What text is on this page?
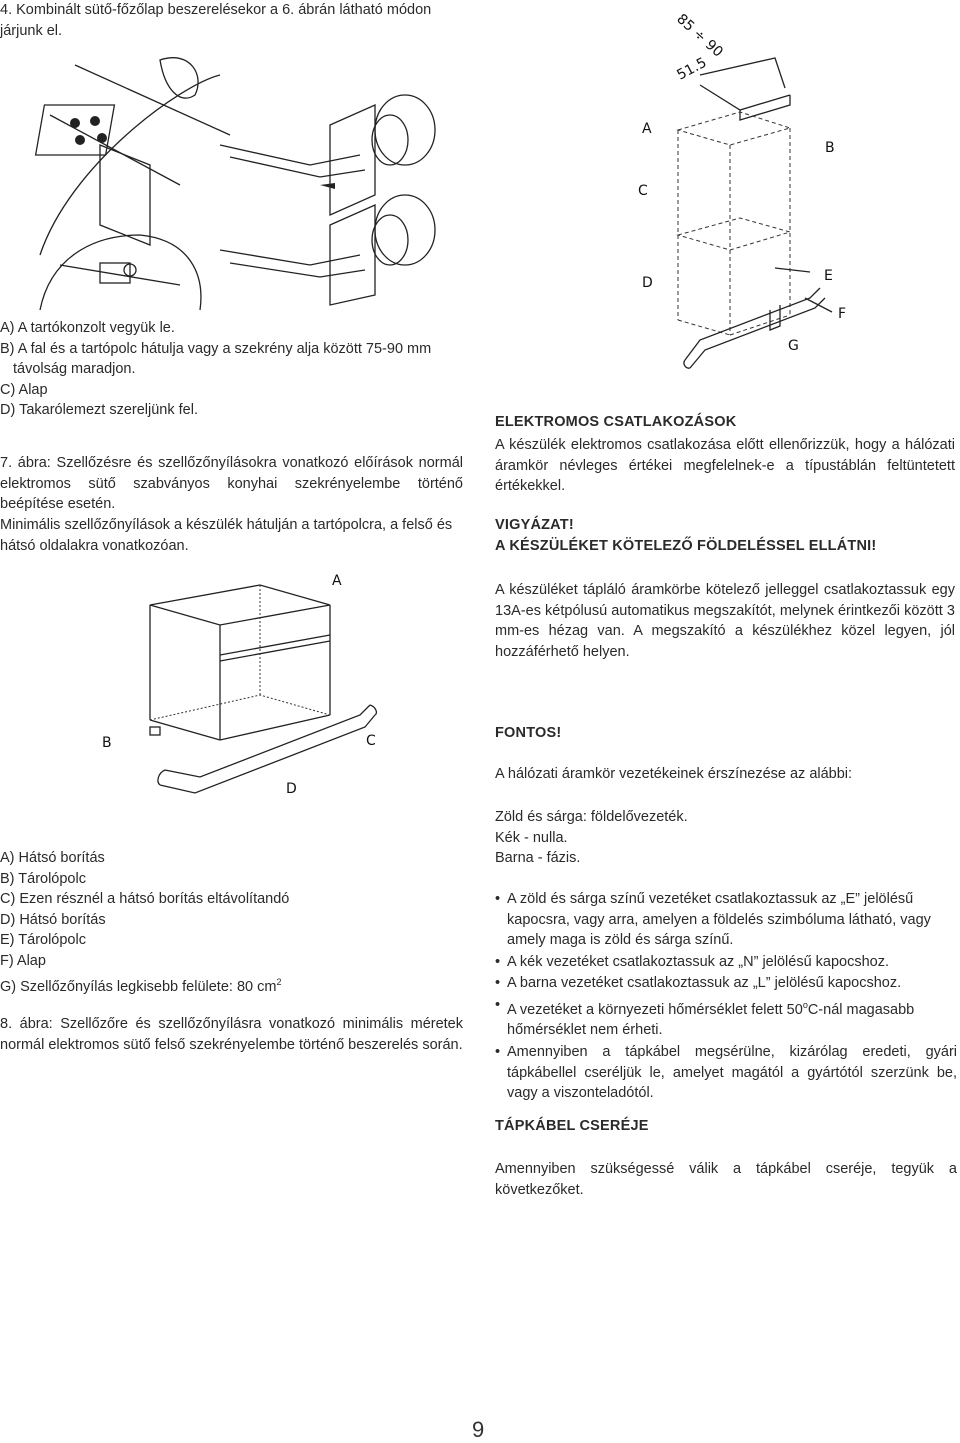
4. Kombinált sütő-főzőlap beszerelésekor a 6. ábrán látható módon járjunk el.
A) A tartókonzolt vegyük le.
B) A fal és a tartópolc hátulja vagy a szekrény alja között 75-90 mm távolság maradjon.
C) Alap
D) Takarólemezt szereljünk fel.
7. ábra: Szellőzésre és szellőzőnyílásokra vonatkozó előírások normál elektromos sütő szabványos konyhai szekrényelembe történő beépítése esetén.
Minimális szellőzőnyílások a készülék hátulján a tartópolcra, a felső és hátsó oldalakra vonatkozóan.
A
B	C
D
A) Hátsó borítás
B) Tárolópolc
C) Ezen résznél a hátsó borítás eltávolítandó
D) Hátsó borítás
E) Tárolópolc
F) Alap
G) Szellőzőnyílás legkisebb felülete: 80 $cm^2$
8. ábra: Szellőzőre és szellőzőnyílásra vonatkozó minimális méretek normál elektromos sütő felső szekrényelembe történő beszerelés során.
85 ÷ 90
51.5
A
B
C
D	E
F
G
ELEKTROMOS CSATLAKOZÁSOK
A készülék elektromos csatlakozása előtt ellenőrizzük, hogy a hálózati áramkör névleges értékei megfelelnek-e a típustáblán feltüntetett értékekkel.
VIGYÁZAT!
A KÉSZÜLÉKET KÖTELEZŐ FÖLDELÉSSEL ELLÁTNI!
A készüléket tápláló áramkörbe kötelező jelleggel csatlakoztassuk egy 13A-es kétpólusú automatikus megszakítót, melynek érintkezői között 3 mm-es hézag van. A megszakító a készülékhez közel legyen, jól hozzáférhető helyen.
FONTOS!
A hálózati áramkör vezetékeinek érszínezése az alábbi:
Zöld és sárga: földelővezeték.
Kék - nulla.
Barna - fázis.
• A zöld és sárga színű vezetéket csatlakoztassuk az „E” jelölésű kapocsra, vagy arra, amelyen a földelés szimbóluma látható, vagy amely maga is zöld és sárga színű.
• A kék vezetéket csatlakoztassuk az „N” jelölésű kapocshoz.
• A barna vezetéket csatlakoztassuk az „L” jelölésű kapocshoz.
• A vezetéket a környezeti hőmérséklet felett 50$^o$C-nál magasabb hőmérséklet nem érheti.
• Amennyiben a tápkábel megsérülne, kizárólag eredeti, gyári tápkábellel cseréljük le, amelyet magától a gyártótól szerzünk be, vagy a viszonteladótól.
TÁPKÁBEL CSERÉJE
Amennyiben szükségessé válik a tápkábel cseréje, tegyük a következőket.
9
